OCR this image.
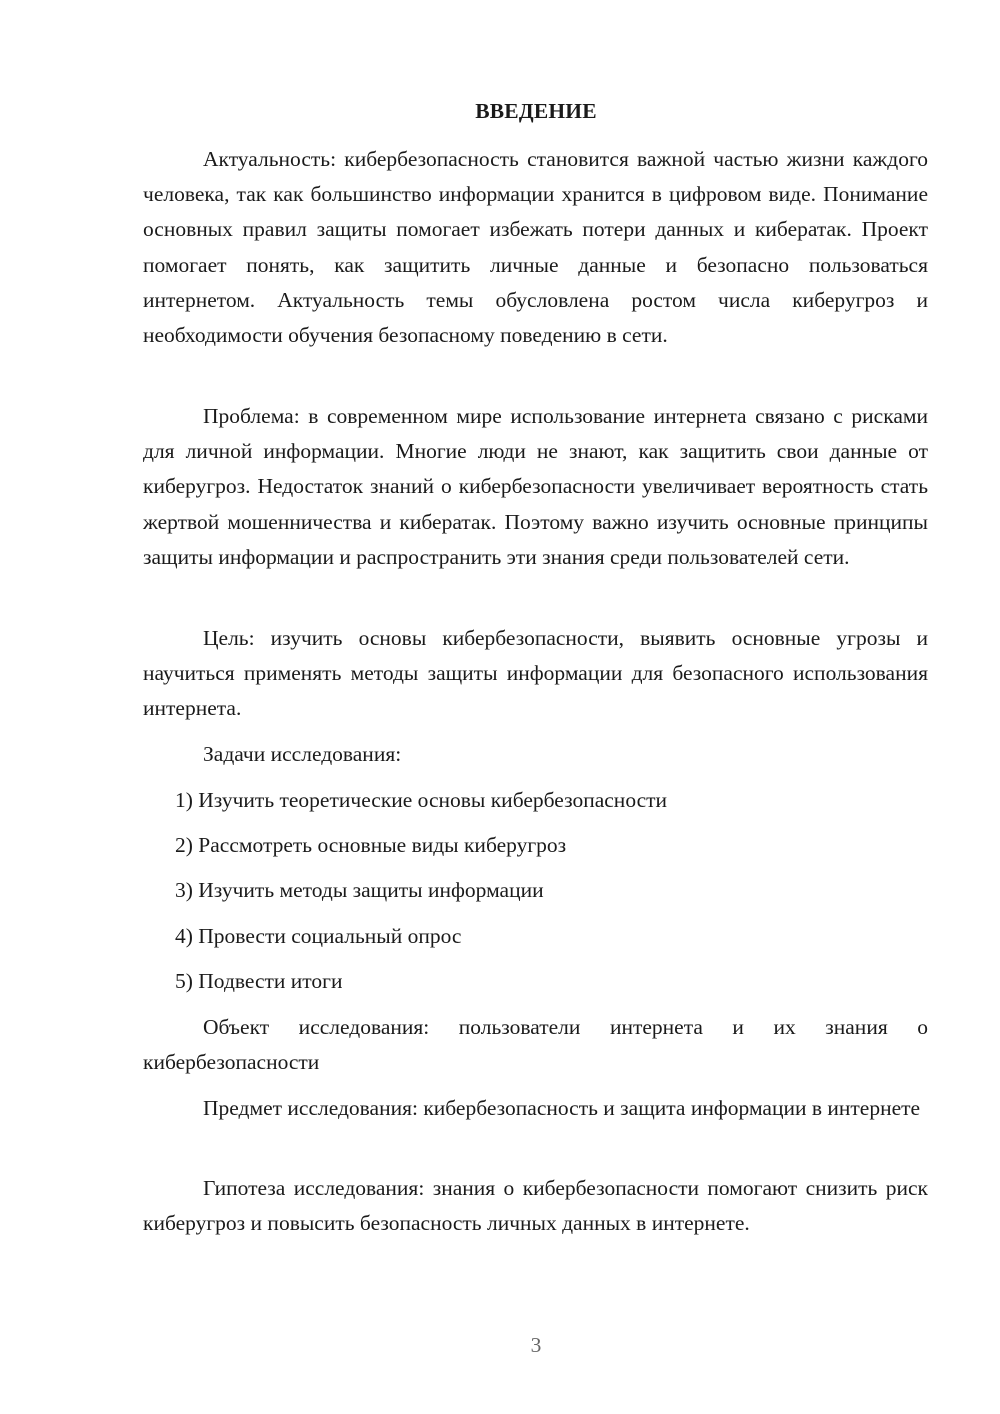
ВВЕДЕНИЕ

Актуальность: кибербезопасность становится важной частью жизни каждого человека, так как большинство информации хранится в цифровом виде. Понимание основных правил защиты помогает избежать потери данных и кибератак. Проект помогает понять, как защитить личные данные и безопасно пользоваться интернетом. Актуальность темы обусловлена ростом числа киберугроз и необходимости обучения безопасному поведению в сети.

Проблема: в современном мире использование интернета связано с рисками для личной информации. Многие люди не знают, как защитить свои данные от киберугроз. Недостаток знаний о кибербезопасности увеличивает вероятность стать жертвой мошенничества и кибератак. Поэтому важно изучить основные принципы защиты информации и распространить эти знания среди пользователей сети.

Цель: изучить основы кибербезопасности, выявить основные угрозы и научиться применять методы защиты информации для безопасного использования интернета.

Задачи исследования:

1) Изучить теоретические основы кибербезопасности

2) Рассмотреть основные виды киберугроз

3) Изучить методы защиты информации

4) Провести социальный опрос

5) Подвести итоги

Объект исследования: пользователи интернета и их знания о кибербезопасности

Предмет исследования: кибербезопасность и защита информации в интернете

Гипотеза исследования: знания о кибербезопасности помогают снизить риск киберугроз и повысить безопасность личных данных в интернете.

3
